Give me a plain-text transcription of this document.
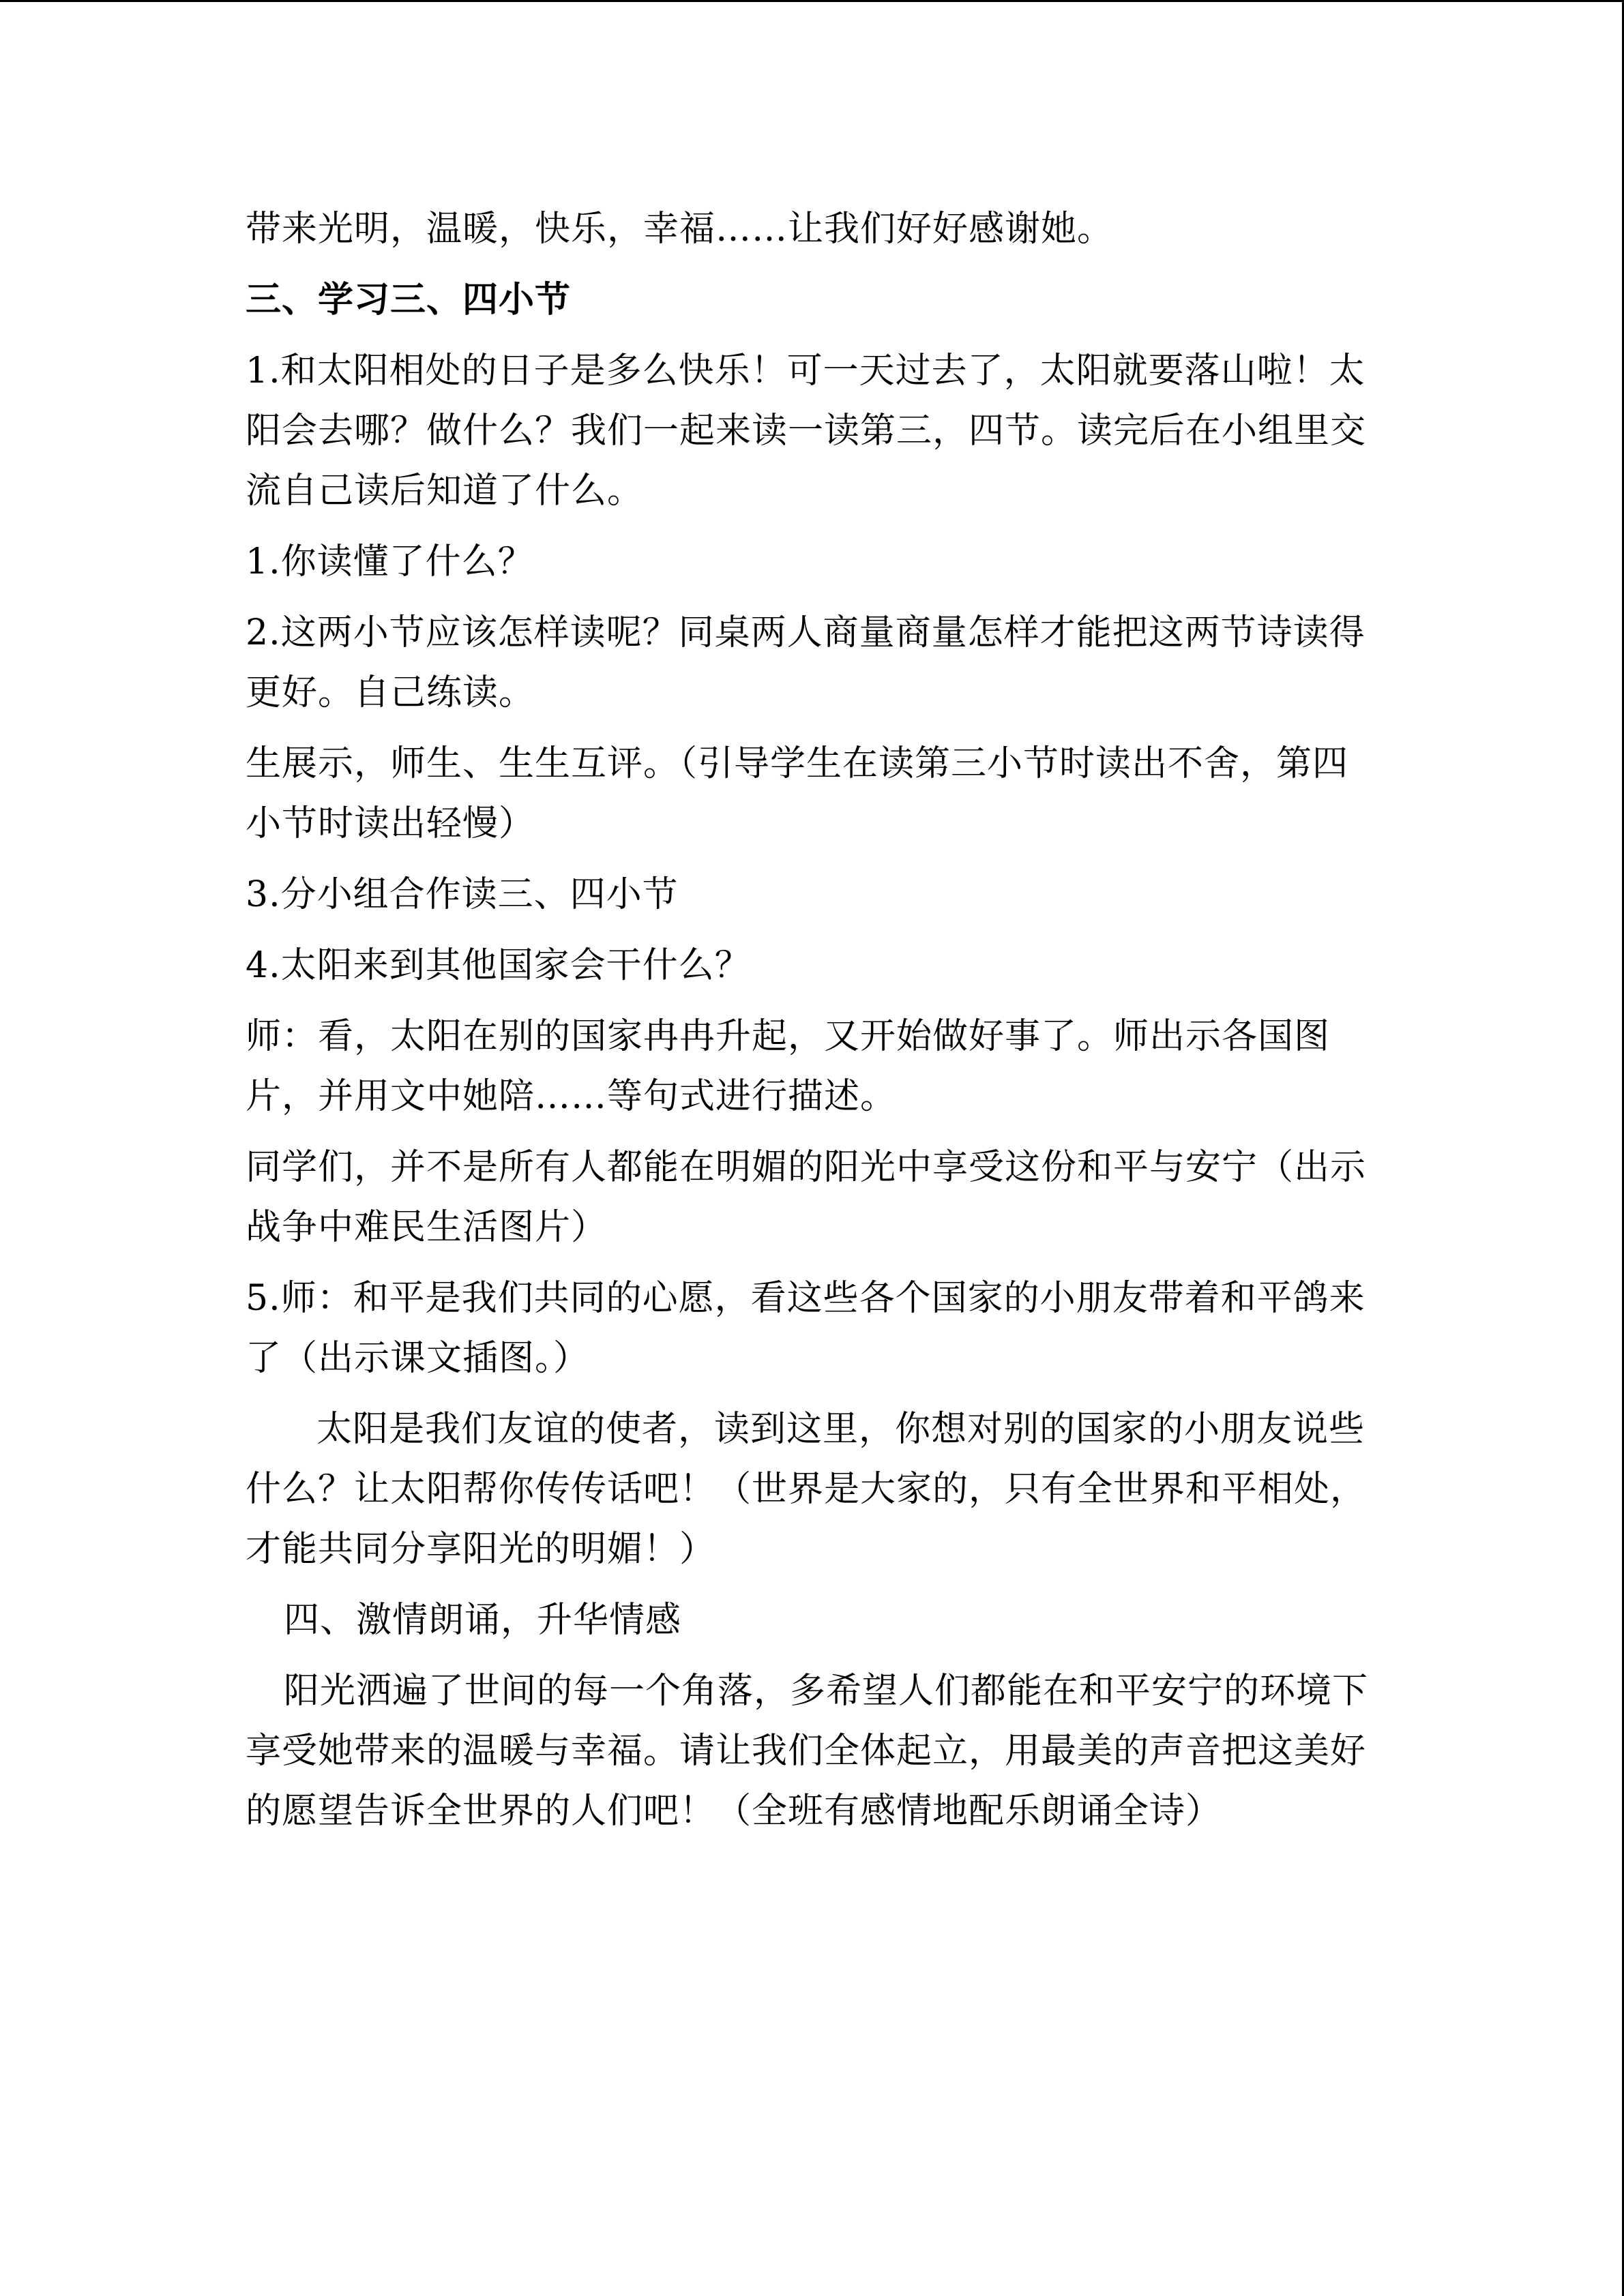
带来光明，温暖，快乐，幸福……让我们好好感谢她。

三、学习三、四小节

1.和太阳相处的日子是多么快乐！可一天过去了，太阳就要落山啦！太阳会去哪？做什么？我们一起来读一读第三，四节。读完后在小组里交流自己读后知道了什么。

1.你读懂了什么？

2.这两小节应该怎样读呢？同桌两人商量商量怎样才能把这两节诗读得更好。自己练读。

生展示，师生、生生互评。（引导学生在读第三小节时读出不舍，第四小节时读出轻慢）

3.分小组合作读三、四小节

4.太阳来到其他国家会干什么？

师：看，太阳在别的国家冉冉升起，又开始做好事了。师出示各国图片，并用文中她陪……等句式进行描述。

同学们，并不是所有人都能在明媚的阳光中享受这份和平与安宁（出示战争中难民生活图片）

5.师：和平是我们共同的心愿，看这些各个国家的小朋友带着和平鸽来了（出示课文插图。）

太阳是我们友谊的使者，读到这里，你想对别的国家的小朋友说些什么？让太阳帮你传传话吧！（世界是大家的，只有全世界和平相处，才能共同分享阳光的明媚！）

四、激情朗诵，升华情感

阳光洒遍了世间的每一个角落，多希望人们都能在和平安宁的环境下享受她带来的温暖与幸福。请让我们全体起立，用最美的声音把这美好的愿望告诉全世界的人们吧！（全班有感情地配乐朗诵全诗）
